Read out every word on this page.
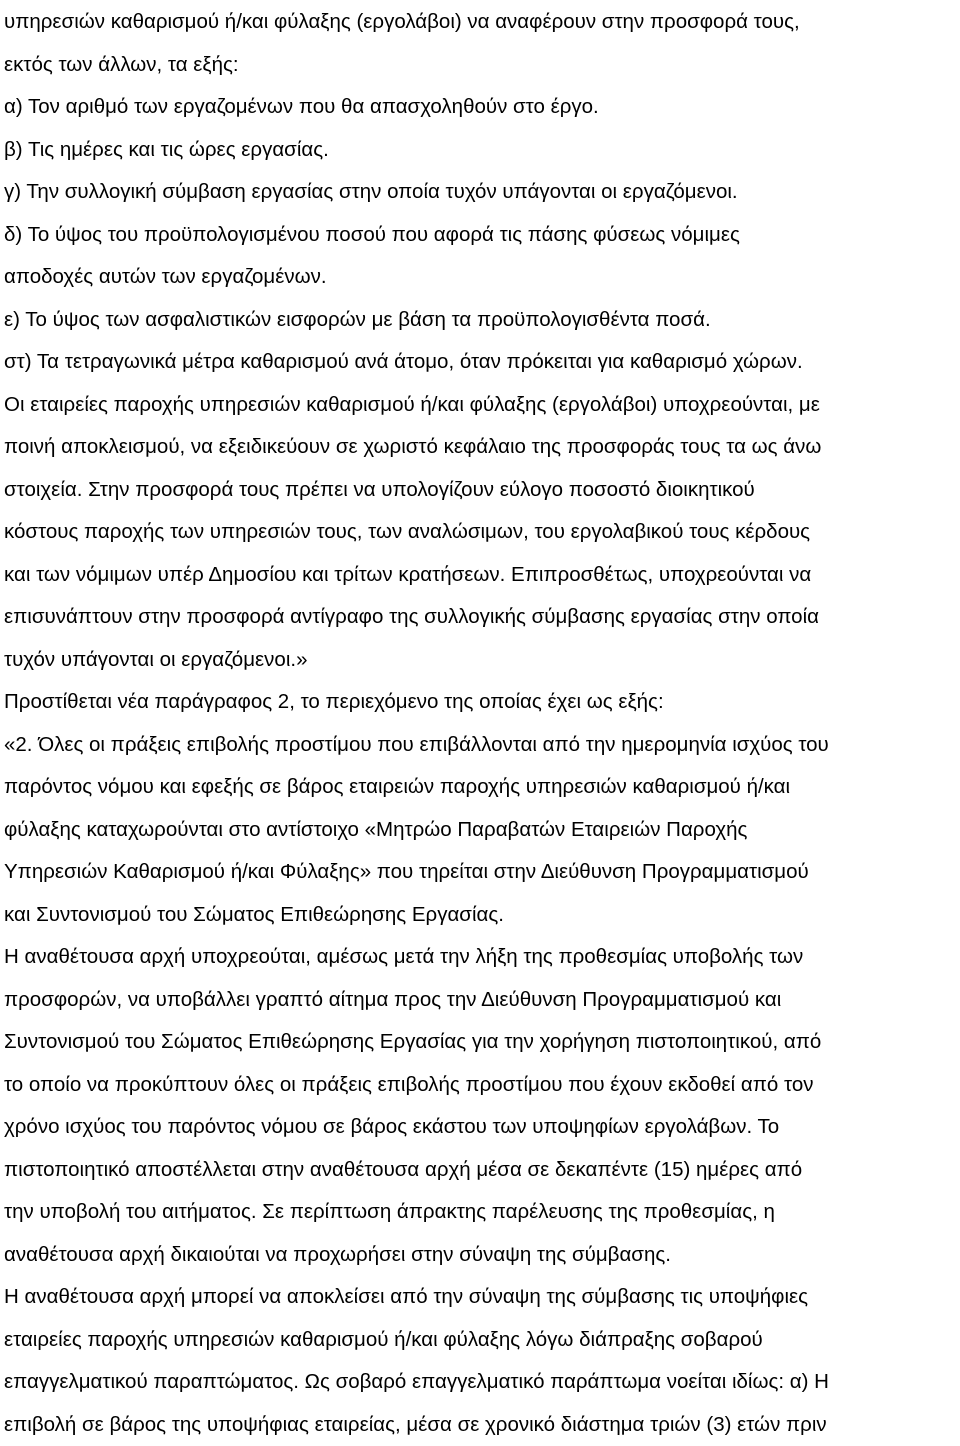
υπηρεσιών καθαρισμού ή/και φύλαξης (εργολάβοι) να αναφέρουν στην προσφορά τους,
εκτός των άλλων, τα εξής:
α) Τον αριθμό των εργαζομένων που θα απασχοληθούν στο έργο.
β) Τις ημέρες και τις ώρες εργασίας.
γ) Την συλλογική σύμβαση εργασίας στην οποία τυχόν υπάγονται οι εργαζόμενοι.
δ) Το ύψος του προϋπολογισμένου ποσού που αφορά τις πάσης φύσεως νόμιμες
αποδοχές αυτών των εργαζομένων.
ε) Το ύψος των ασφαλιστικών εισφορών με βάση τα προϋπολογισθέντα ποσά.
στ) Τα τετραγωνικά μέτρα καθαρισμού ανά άτομο, όταν πρόκειται για καθαρισμό χώρων.
Οι εταιρείες παροχής υπηρεσιών καθαρισμού ή/και φύλαξης (εργολάβοι) υποχρεούνται, με
ποινή αποκλεισμού, να εξειδικεύουν σε χωριστό κεφάλαιο της προσφοράς τους τα ως άνω
στοιχεία. Στην προσφορά τους πρέπει να υπολογίζουν εύλογο ποσοστό διοικητικού
κόστους παροχής των υπηρεσιών τους, των αναλώσιμων, του εργολαβικού τους κέρδους
και των νόμιμων υπέρ Δημοσίου και τρίτων κρατήσεων. Επιπροσθέτως, υποχρεούνται να
επισυνάπτουν στην προσφορά αντίγραφο της συλλογικής σύμβασης εργασίας στην οποία
τυχόν υπάγονται οι εργαζόμενοι.»
Προστίθεται νέα παράγραφος 2, το περιεχόμενο της οποίας έχει ως εξής:
«2. Όλες οι πράξεις επιβολής προστίμου που επιβάλλονται από την ημερομηνία ισχύος του
παρόντος νόμου και εφεξής σε βάρος εταιρειών παροχής υπηρεσιών καθαρισμού ή/και
φύλαξης καταχωρούνται στο αντίστοιχο «Μητρώο Παραβατών Εταιρειών Παροχής
Υπηρεσιών Καθαρισμού ή/και Φύλαξης» που τηρείται στην Διεύθυνση Προγραμματισμού
και Συντονισμού του Σώματος Επιθεώρησης Εργασίας.
Η αναθέτουσα αρχή υποχρεούται, αμέσως μετά την λήξη της προθεσμίας υποβολής των
προσφορών, να υποβάλλει γραπτό αίτημα προς την Διεύθυνση Προγραμματισμού και
Συντονισμού του Σώματος Επιθεώρησης Εργασίας για την χορήγηση πιστοποιητικού, από
το οποίο να προκύπτουν όλες οι πράξεις επιβολής προστίμου που έχουν εκδοθεί από τον
χρόνο ισχύος του παρόντος νόμου σε βάρος εκάστου των υποψηφίων εργολάβων. Το
πιστοποιητικό αποστέλλεται στην αναθέτουσα αρχή μέσα σε δεκαπέντε (15) ημέρες από
την υποβολή του αιτήματος. Σε περίπτωση άπρακτης παρέλευσης της προθεσμίας, η
αναθέτουσα αρχή δικαιούται να προχωρήσει στην σύναψη της σύμβασης.
Η αναθέτουσα αρχή μπορεί να αποκλείσει από την σύναψη της σύμβασης τις υποψήφιες
εταιρείες παροχής υπηρεσιών καθαρισμού ή/και φύλαξης λόγω διάπραξης σοβαρού
επαγγελματικού παραπτώματος. Ως σοβαρό επαγγελματικό παράπτωμα νοείται ιδίως: α) Η
επιβολή σε βάρος της υποψήφιας εταιρείας, μέσα σε χρονικό διάστημα τριών (3) ετών πριν
